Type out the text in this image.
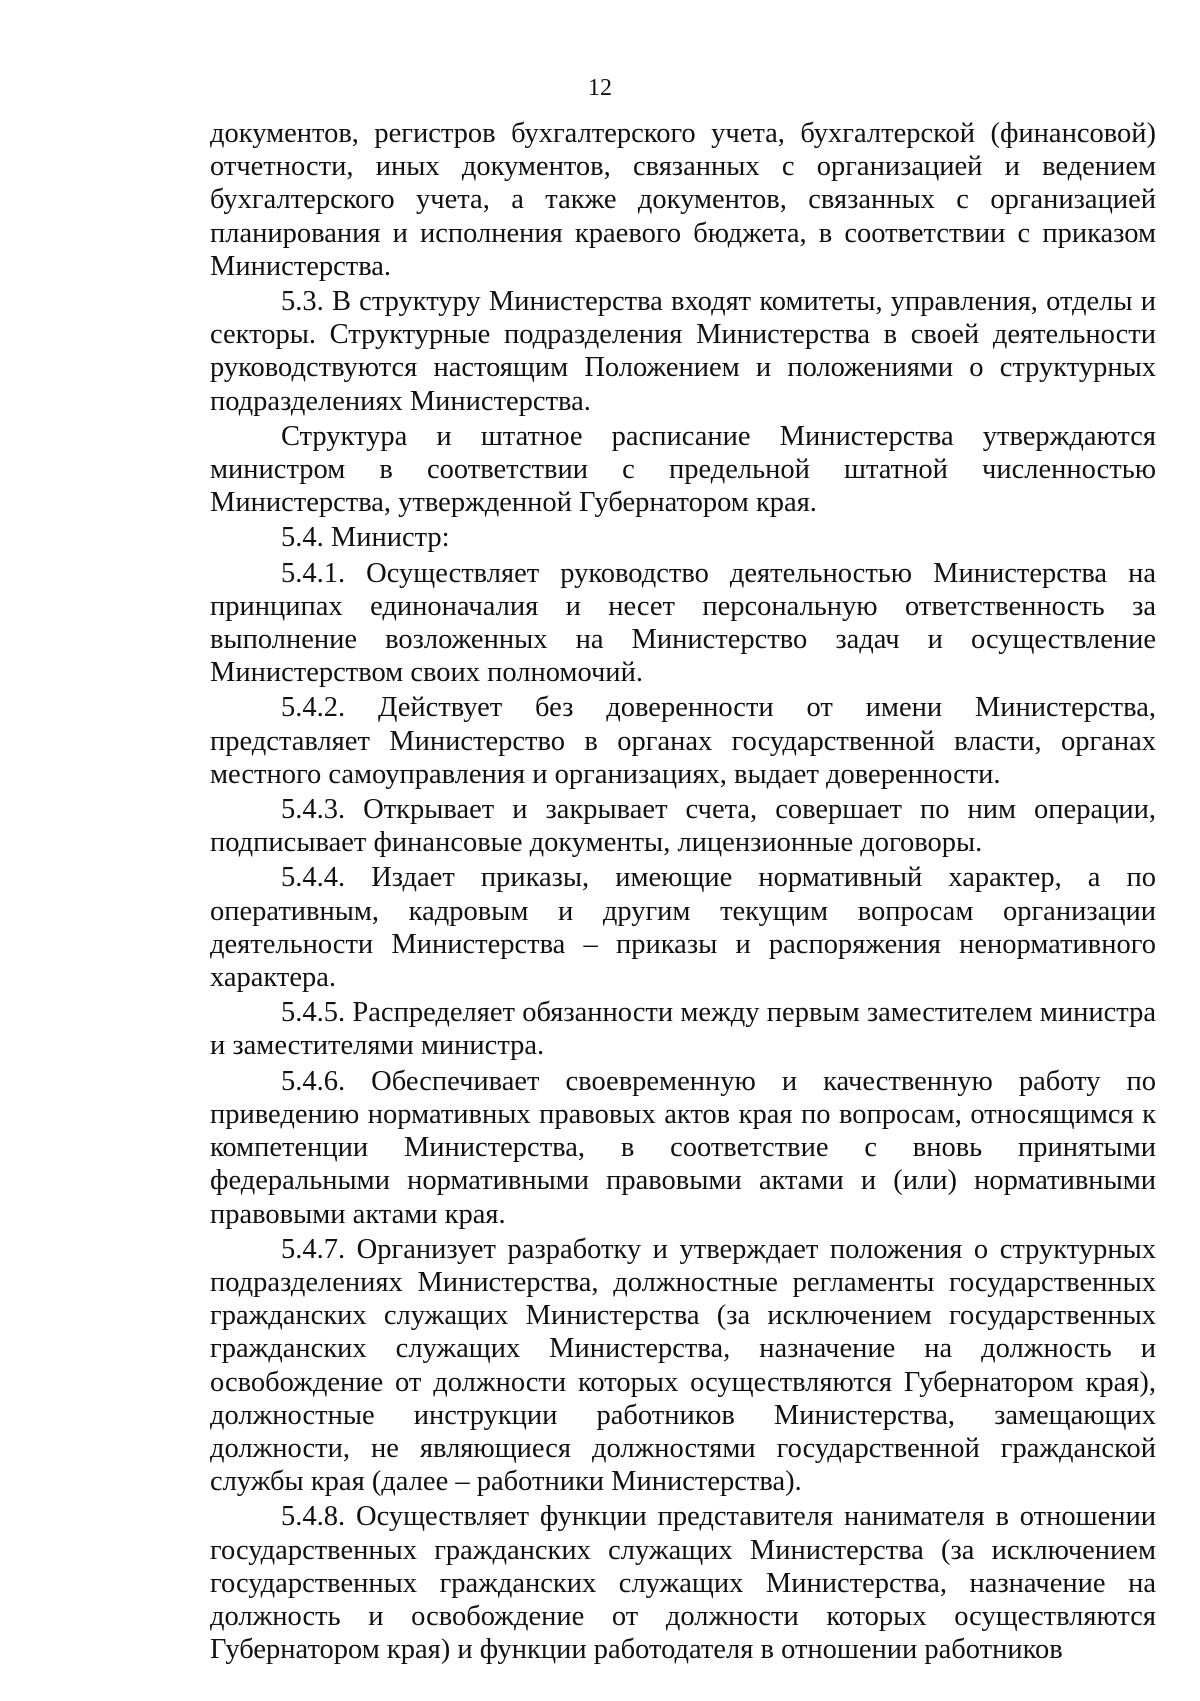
12

документов, регистров бухгалтерского учета, бухгалтерской (финансовой) отчетности, иных документов, связанных с организацией и ведением бухгалтерского учета, а также документов, связанных с организацией планирования и исполнения краевого бюджета, в соответствии с приказом Министерства.

5.3. В структуру Министерства входят комитеты, управления, отделы и секторы. Структурные подразделения Министерства в своей деятельности руководствуются настоящим Положением и положениями о структурных подразделениях Министерства.

Структура и штатное расписание Министерства утверждаются министром в соответствии с предельной штатной численностью Министерства, утвержденной Губернатором края.

5.4. Министр:

5.4.1. Осуществляет руководство деятельностью Министерства на принципах единоначалия и несет персональную ответственность за выполнение возложенных на Министерство задач и осуществление Министерством своих полномочий.

5.4.2. Действует без доверенности от имени Министерства, представляет Министерство в органах государственной власти, органах местного самоуправления и организациях, выдает доверенности.

5.4.3. Открывает и закрывает счета, совершает по ним операции, подписывает финансовые документы, лицензионные договоры.

5.4.4. Издает приказы, имеющие нормативный характер, а по оперативным, кадровым и другим текущим вопросам организации деятельности Министерства – приказы и распоряжения ненормативного характера.

5.4.5. Распределяет обязанности между первым заместителем министра и заместителями министра.

5.4.6. Обеспечивает своевременную и качественную работу по приведению нормативных правовых актов края по вопросам, относящимся к компетенции Министерства, в соответствие с вновь принятыми федеральными нормативными правовыми актами и (или) нормативными правовыми актами края.

5.4.7. Организует разработку и утверждает положения о структурных подразделениях Министерства, должностные регламенты государственных гражданских служащих Министерства (за исключением государственных гражданских служащих Министерства, назначение на должность и освобождение от должности которых осуществляются Губернатором края), должностные инструкции работников Министерства, замещающих должности, не являющиеся должностями государственной гражданской службы края (далее – работники Министерства).

5.4.8. Осуществляет функции представителя нанимателя в отношении государственных гражданских служащих Министерства (за исключением государственных гражданских служащих Министерства, назначение на должность и освобождение от должности которых осуществляются Губернатором края) и функции работодателя в отношении работников
